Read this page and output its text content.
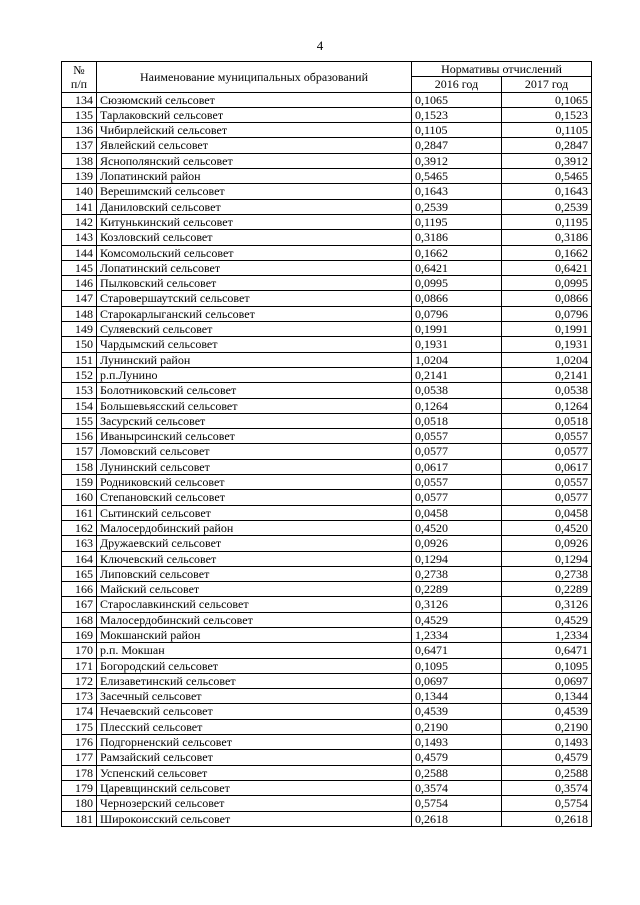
4
№
п/п	Наименование муниципальных образований	Нормативы отчислений	
		2016 год	2017 год
134	Сюзюмский сельсовет	0,1065	0,1065
135	Тарлаковский сельсовет	0,1523	0,1523
136	Чибирлейский сельсовет	0,1105	0,1105
137	Явлейский сельсовет	0,2847	0,2847
138	Яснополянский сельсовет	0,3912	0,3912
139	Лопатинский район	0,5465	0,5465
140	Верешимский сельсовет	0,1643	0,1643
141	Даниловский сельсовет	0,2539	0,2539
142	Китунькинский сельсовет	0,1195	0,1195
143	Козловский сельсовет	0,3186	0,3186
144	Комсомольский сельсовет	0,1662	0,1662
145	Лопатинский сельсовет	0,6421	0,6421
146	Пылковский сельсовет	0,0995	0,0995
147	Старовершаутский сельсовет	0,0866	0,0866
148	Старокарлыганский сельсовет	0,0796	0,0796
149	Суляевский сельсовет	0,1991	0,1991
150	Чардымский сельсовет	0,1931	0,1931
151	Лунинский район	1,0204	1,0204
152	р.п.Лунино	0,2141	0,2141
153	Болотниковский сельсовет	0,0538	0,0538
154	Большевьясский сельсовет	0,1264	0,1264
155	Засурский сельсовет	0,0518	0,0518
156	Иванырсинский сельсовет	0,0557	0,0557
157	Ломовский сельсовет	0,0577	0,0577
158	Лунинский сельсовет	0,0617	0,0617
159	Родниковский сельсовет	0,0557	0,0557
160	Степановский сельсовет	0,0577	0,0577
161	Сытинский сельсовет	0,0458	0,0458
162	Малосердобинский район	0,4520	0,4520
163	Дружаевский сельсовет	0,0926	0,0926
164	Ключевский сельсовет	0,1294	0,1294
165	Липовский сельсовет	0,2738	0,2738
166	Майский сельсовет	0,2289	0,2289
167	Старославкинский сельсовет	0,3126	0,3126
168	Малосердобинский сельсовет	0,4529	0,4529
169	Мокшанский район	1,2334	1,2334
170	р.п. Мокшан	0,6471	0,6471
171	Богородский сельсовет	0,1095	0,1095
172	Елизаветинский сельсовет	0,0697	0,0697
173	Засечный сельсовет	0,1344	0,1344
174	Нечаевский сельсовет	0,4539	0,4539
175	Плесский сельсовет	0,2190	0,2190
176	Подгорненский сельсовет	0,1493	0,1493
177	Рамзайский сельсовет	0,4579	0,4579
178	Успенский сельсовет	0,2588	0,2588
179	Царевщинский сельсовет	0,3574	0,3574
180	Чернозерский сельсовет	0,5754	0,5754
181	Широкоисский сельсовет	0,2618	0,2618
